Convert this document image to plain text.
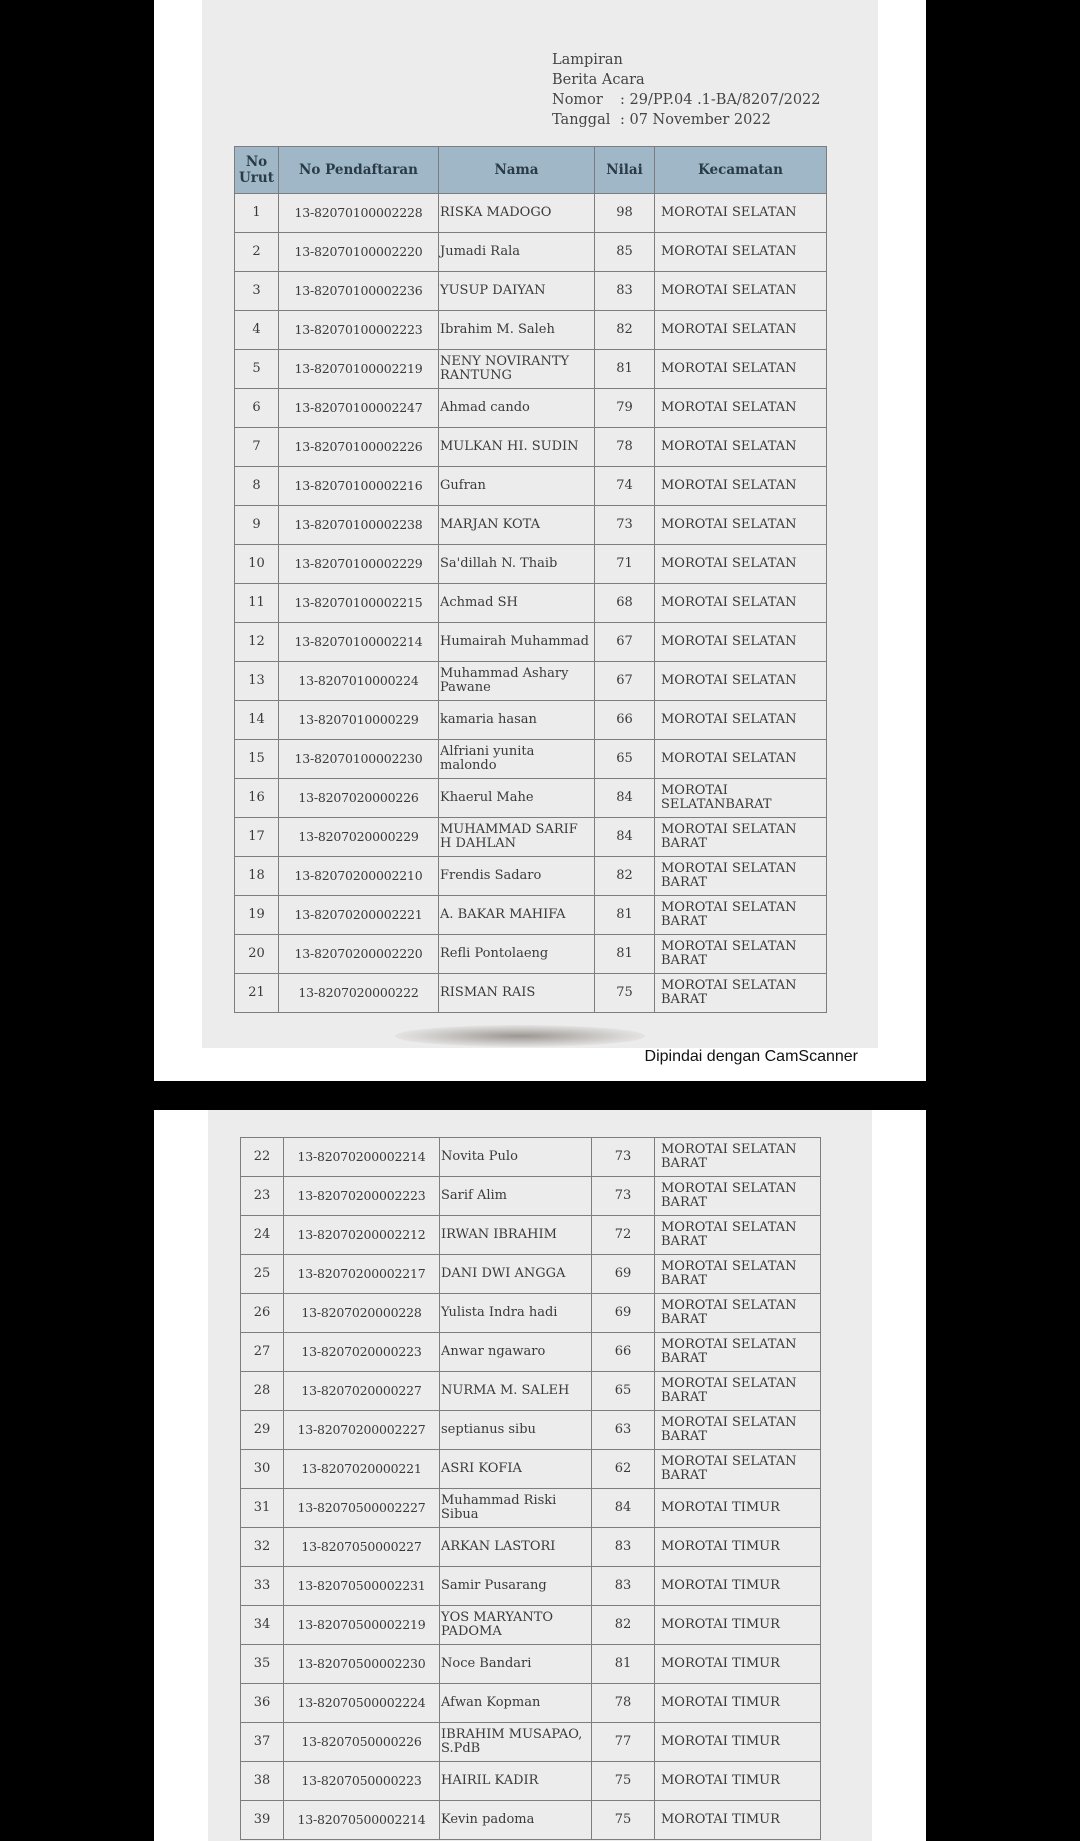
Lampiran
Berita Acara
Nomor : 29/PP.04 .1-BA/8207/2022
Tanggal : 07 November 2022
No Urut	No Pendaftaran	Nama	Nilai	Kecamatan
1	13-82070100002228	RISKA MADOGO	98	MOROTAI SELATAN
2	13-82070100002220	Jumadi Rala	85	MOROTAI SELATAN
3	13-82070100002236	YUSUP DAIYAN	83	MOROTAI SELATAN
4	13-82070100002223	Ibrahim M. Saleh	82	MOROTAI SELATAN
5	13-82070100002219	NENY NOVIRANTY RANTUNG	81	MOROTAI SELATAN
6	13-82070100002247	Ahmad cando	79	MOROTAI SELATAN
7	13-82070100002226	MULKAN HI. SUDIN	78	MOROTAI SELATAN
8	13-82070100002216	Gufran	74	MOROTAI SELATAN
9	13-82070100002238	MARJAN KOTA	73	MOROTAI SELATAN
10	13-82070100002229	Sa'dillah N. Thaib	71	MOROTAI SELATAN
11	13-82070100002215	Achmad SH	68	MOROTAI SELATAN
12	13-82070100002214	Humairah Muhammad	67	MOROTAI SELATAN
13	13-8207010000224	Muhammad Ashary Pawane	67	MOROTAI SELATAN
14	13-8207010000229	kamaria hasan	66	MOROTAI SELATAN
15	13-82070100002230	Alfriani yunita malondo	65	MOROTAI SELATAN
16	13-8207020000226	Khaerul Mahe	84	MOROTAI SELATANBARAT
17	13-8207020000229	MUHAMMAD SARIF H DAHLAN	84	MOROTAI SELATAN BARAT
18	13-82070200002210	Frendis Sadaro	82	MOROTAI SELATAN BARAT
19	13-82070200002221	A. BAKAR MAHIFA	81	MOROTAI SELATAN BARAT
20	13-82070200002220	Refli Pontolaeng	81	MOROTAI SELATAN BARAT
21	13-8207020000222	RISMAN RAIS	75	MOROTAI SELATAN BARAT
Dipindai dengan CamScanner
22	13-82070200002214	Novita Pulo	73	MOROTAI SELATAN BARAT
23	13-82070200002223	Sarif Alim	73	MOROTAI SELATAN BARAT
24	13-82070200002212	IRWAN IBRAHIM	72	MOROTAI SELATAN BARAT
25	13-82070200002217	DANI DWI ANGGA	69	MOROTAI SELATAN BARAT
26	13-8207020000228	Yulista Indra hadi	69	MOROTAI SELATAN BARAT
27	13-8207020000223	Anwar ngawaro	66	MOROTAI SELATAN BARAT
28	13-8207020000227	NURMA M. SALEH	65	MOROTAI SELATAN BARAT
29	13-82070200002227	septianus sibu	63	MOROTAI SELATAN BARAT
30	13-8207020000221	ASRI KOFIA	62	MOROTAI SELATAN BARAT
31	13-82070500002227	Muhammad Riski Sibua	84	MOROTAI TIMUR
32	13-8207050000227	ARKAN LASTORI	83	MOROTAI TIMUR
33	13-82070500002231	Samir Pusarang	83	MOROTAI TIMUR
34	13-82070500002219	YOS MARYANTO PADOMA	82	MOROTAI TIMUR
35	13-82070500002230	Noce Bandari	81	MOROTAI TIMUR
36	13-82070500002224	Afwan Kopman	78	MOROTAI TIMUR
37	13-8207050000226	IBRAHIM MUSAPAO, S.PdB	77	MOROTAI TIMUR
38	13-8207050000223	HAIRIL KADIR	75	MOROTAI TIMUR
39	13-82070500002214	Kevin padoma	75	MOROTAI TIMUR
